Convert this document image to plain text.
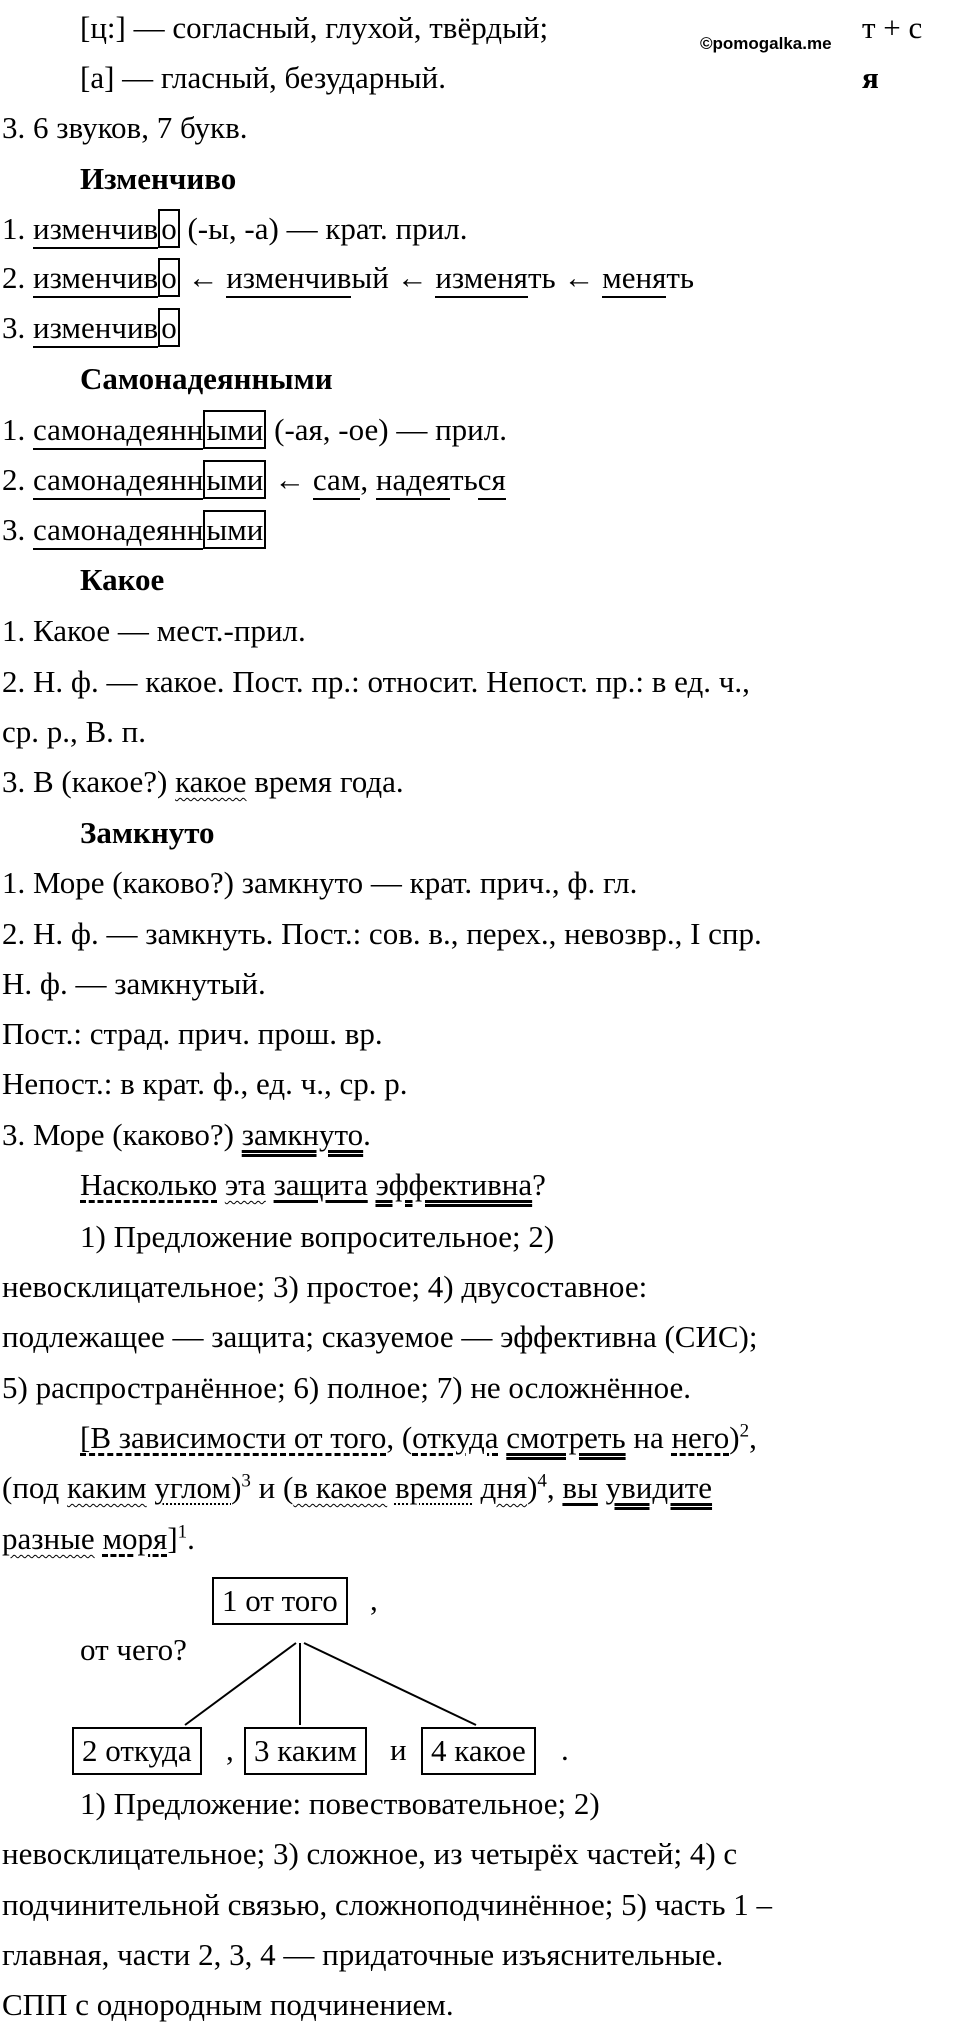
[ц:] — согласный, глухой, твёрдый;	©pomogalka.me т + с
[а] — гласный, безударный.	я
3. 6 звуков, 7 букв.
Изменчиво
1. изменчиво (-ы, -а) — крат. прил.
2. изменчиво ← изменчивый ← изменять ← менять
3. изменчиво
Самонадеянными
1. самонадеянными (-ая, -ое) — прил.
2. самонадеянными ← сам, надеяться
3. самонадеянными
Какое
1. Какое — мест.-прил.
2. Н. ф. — какое. Пост. пр.: относит. Непост. пр.: в ед. ч.,
ср. р., В. п.
3. В (какое?) какое время года.
Замкнуто
1. Море (каково?) замкнуто — крат. прич., ф. гл.
2. Н. ф. — замкнуть. Пост.: сов. в., перех., невозвр., I спр.
Н. ф. — замкнутый.
Пост.: страд. прич. прош. вр.
Непост.: в крат. ф., ед. ч., ср. р.
3. Море (каково?) замкнуто.
Насколько эта защита эффективна?
1) Предложение вопросительное; 2)
невосклицательное; 3) простое; 4) двусоставное:
подлежащее — защита; сказуемое — эффективна (СИС);
5) распространённое; 6) полное; 7) не осложнённое.
[В зависимости от того, (откуда смотреть на него)$^2$,
(под каким углом)$^3$ и (в какое время дня)$^4$, вы увидите
разные моря]$^1$.
1 от того	,
от чего?
2 откуда	, 3 каким	и 4 какое	.
1) Предложение: повествовательное; 2)
невосклицательное; 3) сложное, из четырёх частей; 4) с
подчинительной связью, сложноподчинённое; 5) часть 1 –
главная, части 2, 3, 4 — придаточные изъяснительные.
СПП с однородным подчинением.
